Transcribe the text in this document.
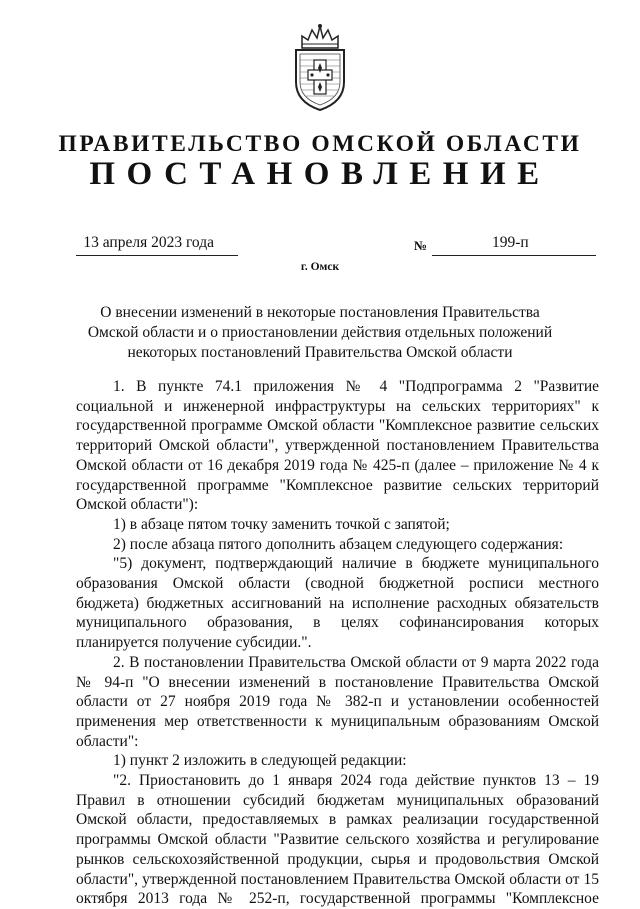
ПРАВИТЕЛЬСТВО ОМСКОЙ ОБЛАСТИ
ПОСТАНОВЛЕНИЕ
13 апреля 2023 года	№	199-п
г. Омск
О внесении изменений в некоторые постановления Правительства
Омской области и о приостановлении действия отдельных положений
некоторых постановлений Правительства Омской области

1. В пункте 74.1 приложения № 4 "Подпрограмма 2 "Развитие социальной и инженерной инфраструктуры на сельских территориях" к государственной программе Омской области "Комплексное развитие сельских территорий Омской области", утвержденной постановлением Правительства Омской области от 16 декабря 2019 года № 425-п (далее – приложение № 4 к государственной программе "Комплексное развитие сельских территорий Омской области"):

1) в абзаце пятом точку заменить точкой с запятой;

2) после абзаца пятого дополнить абзацем следующего содержания:

"5) документ, подтверждающий наличие в бюджете муниципального образования Омской области (сводной бюджетной росписи местного бюджета) бюджетных ассигнований на исполнение расходных обязательств муниципального образования, в целях софинансирования которых планируется получение субсидии.".

2. В постановлении Правительства Омской области от 9 марта 2022 года № 94-п "О внесении изменений в постановление Правительства Омской области от 27 ноября 2019 года № 382-п и установлении особенностей применения мер ответственности к муниципальным образованиям Омской области":

1) пункт 2 изложить в следующей редакции:

"2. Приостановить до 1 января 2024 года действие пунктов 13 – 19 Правил в отношении субсидий бюджетам муниципальных образований Омской области, предоставляемых в рамках реализации государственной программы Омской области "Развитие сельского хозяйства и регулирование рынков сельскохозяйственной продукции, сырья и продовольствия Омской области", утвержденной постановлением Правительства Омской области от 15 октября 2013 года № 252-п, государственной программы "Комплексное
